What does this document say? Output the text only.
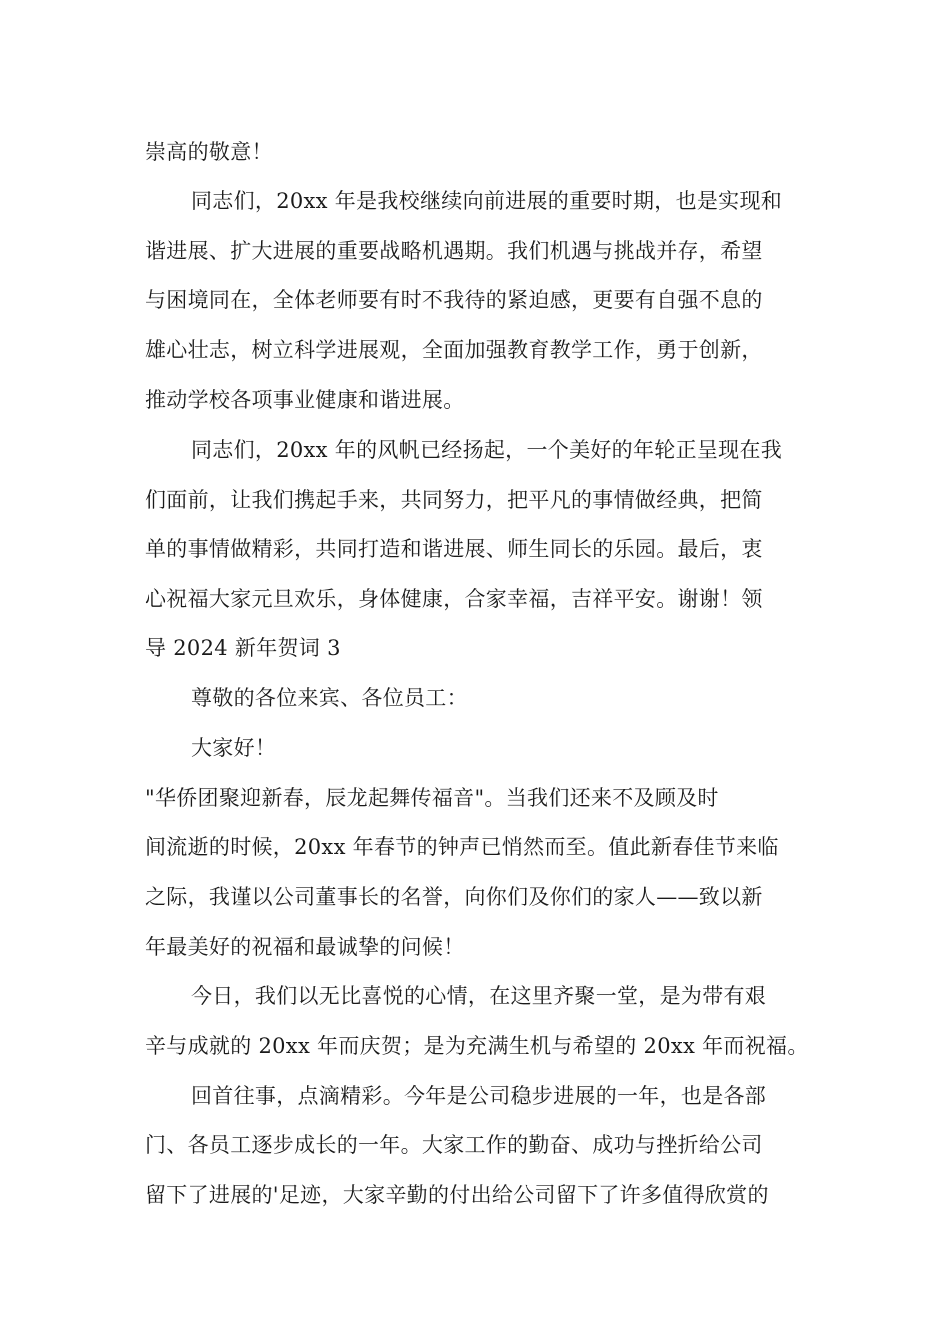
崇高的敬意！
同志们，20xx 年是我校继续向前进展的重要时期，也是实现和
谐进展、扩大进展的重要战略机遇期。我们机遇与挑战并存，希望
与困境同在，全体老师要有时不我待的紧迫感，更要有自强不息的
雄心壮志，树立科学进展观，全面加强教育教学工作，勇于创新，
推动学校各项事业健康和谐进展。
同志们，20xx 年的风帆已经扬起，一个美好的年轮正呈现在我
们面前，让我们携起手来，共同努力，把平凡的事情做经典，把简
单的事情做精彩，共同打造和谐进展、师生同长的乐园。最后，衷
心祝福大家元旦欢乐，身体健康，合家幸福，吉祥平安。谢谢！领
导 2024 新年贺词 3
尊敬的各位来宾、各位员工：
大家好！
"华侨团聚迎新春，辰龙起舞传福音"。当我们还来不及顾及时
间流逝的时候，20xx 年春节的钟声已悄然而至。值此新春佳节来临
之际，我谨以公司董事长的名誉，向你们及你们的家人——致以新
年最美好的祝福和最诚挚的问候！
今日，我们以无比喜悦的心情，在这里齐聚一堂，是为带有艰
辛与成就的 20xx 年而庆贺；是为充满生机与希望的 20xx 年而祝福。
回首往事，点滴精彩。今年是公司稳步进展的一年，也是各部
门、各员工逐步成长的一年。大家工作的勤奋、成功与挫折给公司
留下了进展的'足迹，大家辛勤的付出给公司留下了许多值得欣赏的
